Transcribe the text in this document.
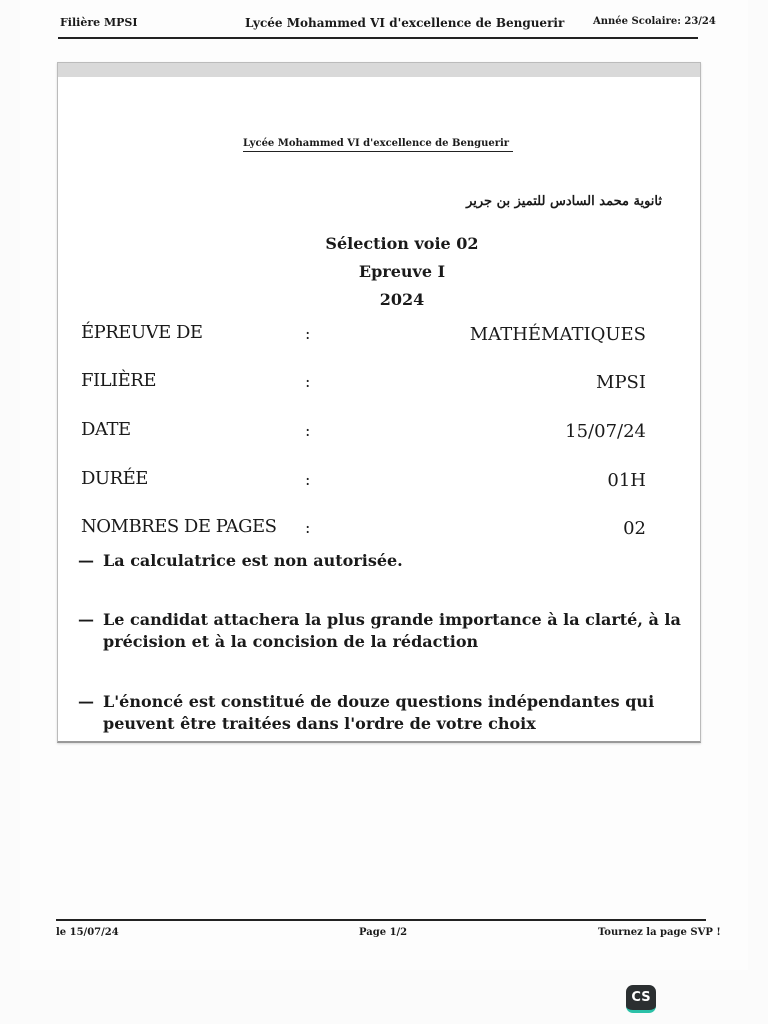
Filière MPSI	Lycée Mohammed VI d'excellence de Benguerir	Année Scolaire: 23/24
Lycée Mohammed VI d'excellence de Benguerir
ثانوية محمد السادس للتميز بن جرير
Sélection voie 02
Epreuve I
2024
ÉPREUVE DE	:	MATHÉMATIQUES
FILIÈRE	:	MPSI
DATE	:	15/07/24
DURÉE	:	01H
NOMBRES DE PAGES :	02
— La calculatrice est non autorisée.
— Le candidat attachera la plus grande importance à la clarté, à la précision et à la concision de la rédaction
— L'énoncé est constitué de douze questions indépendantes qui peuvent être traitées dans l'ordre de votre choix
le 15/07/24	Page 1/2	Tournez la page SVP !
CS
